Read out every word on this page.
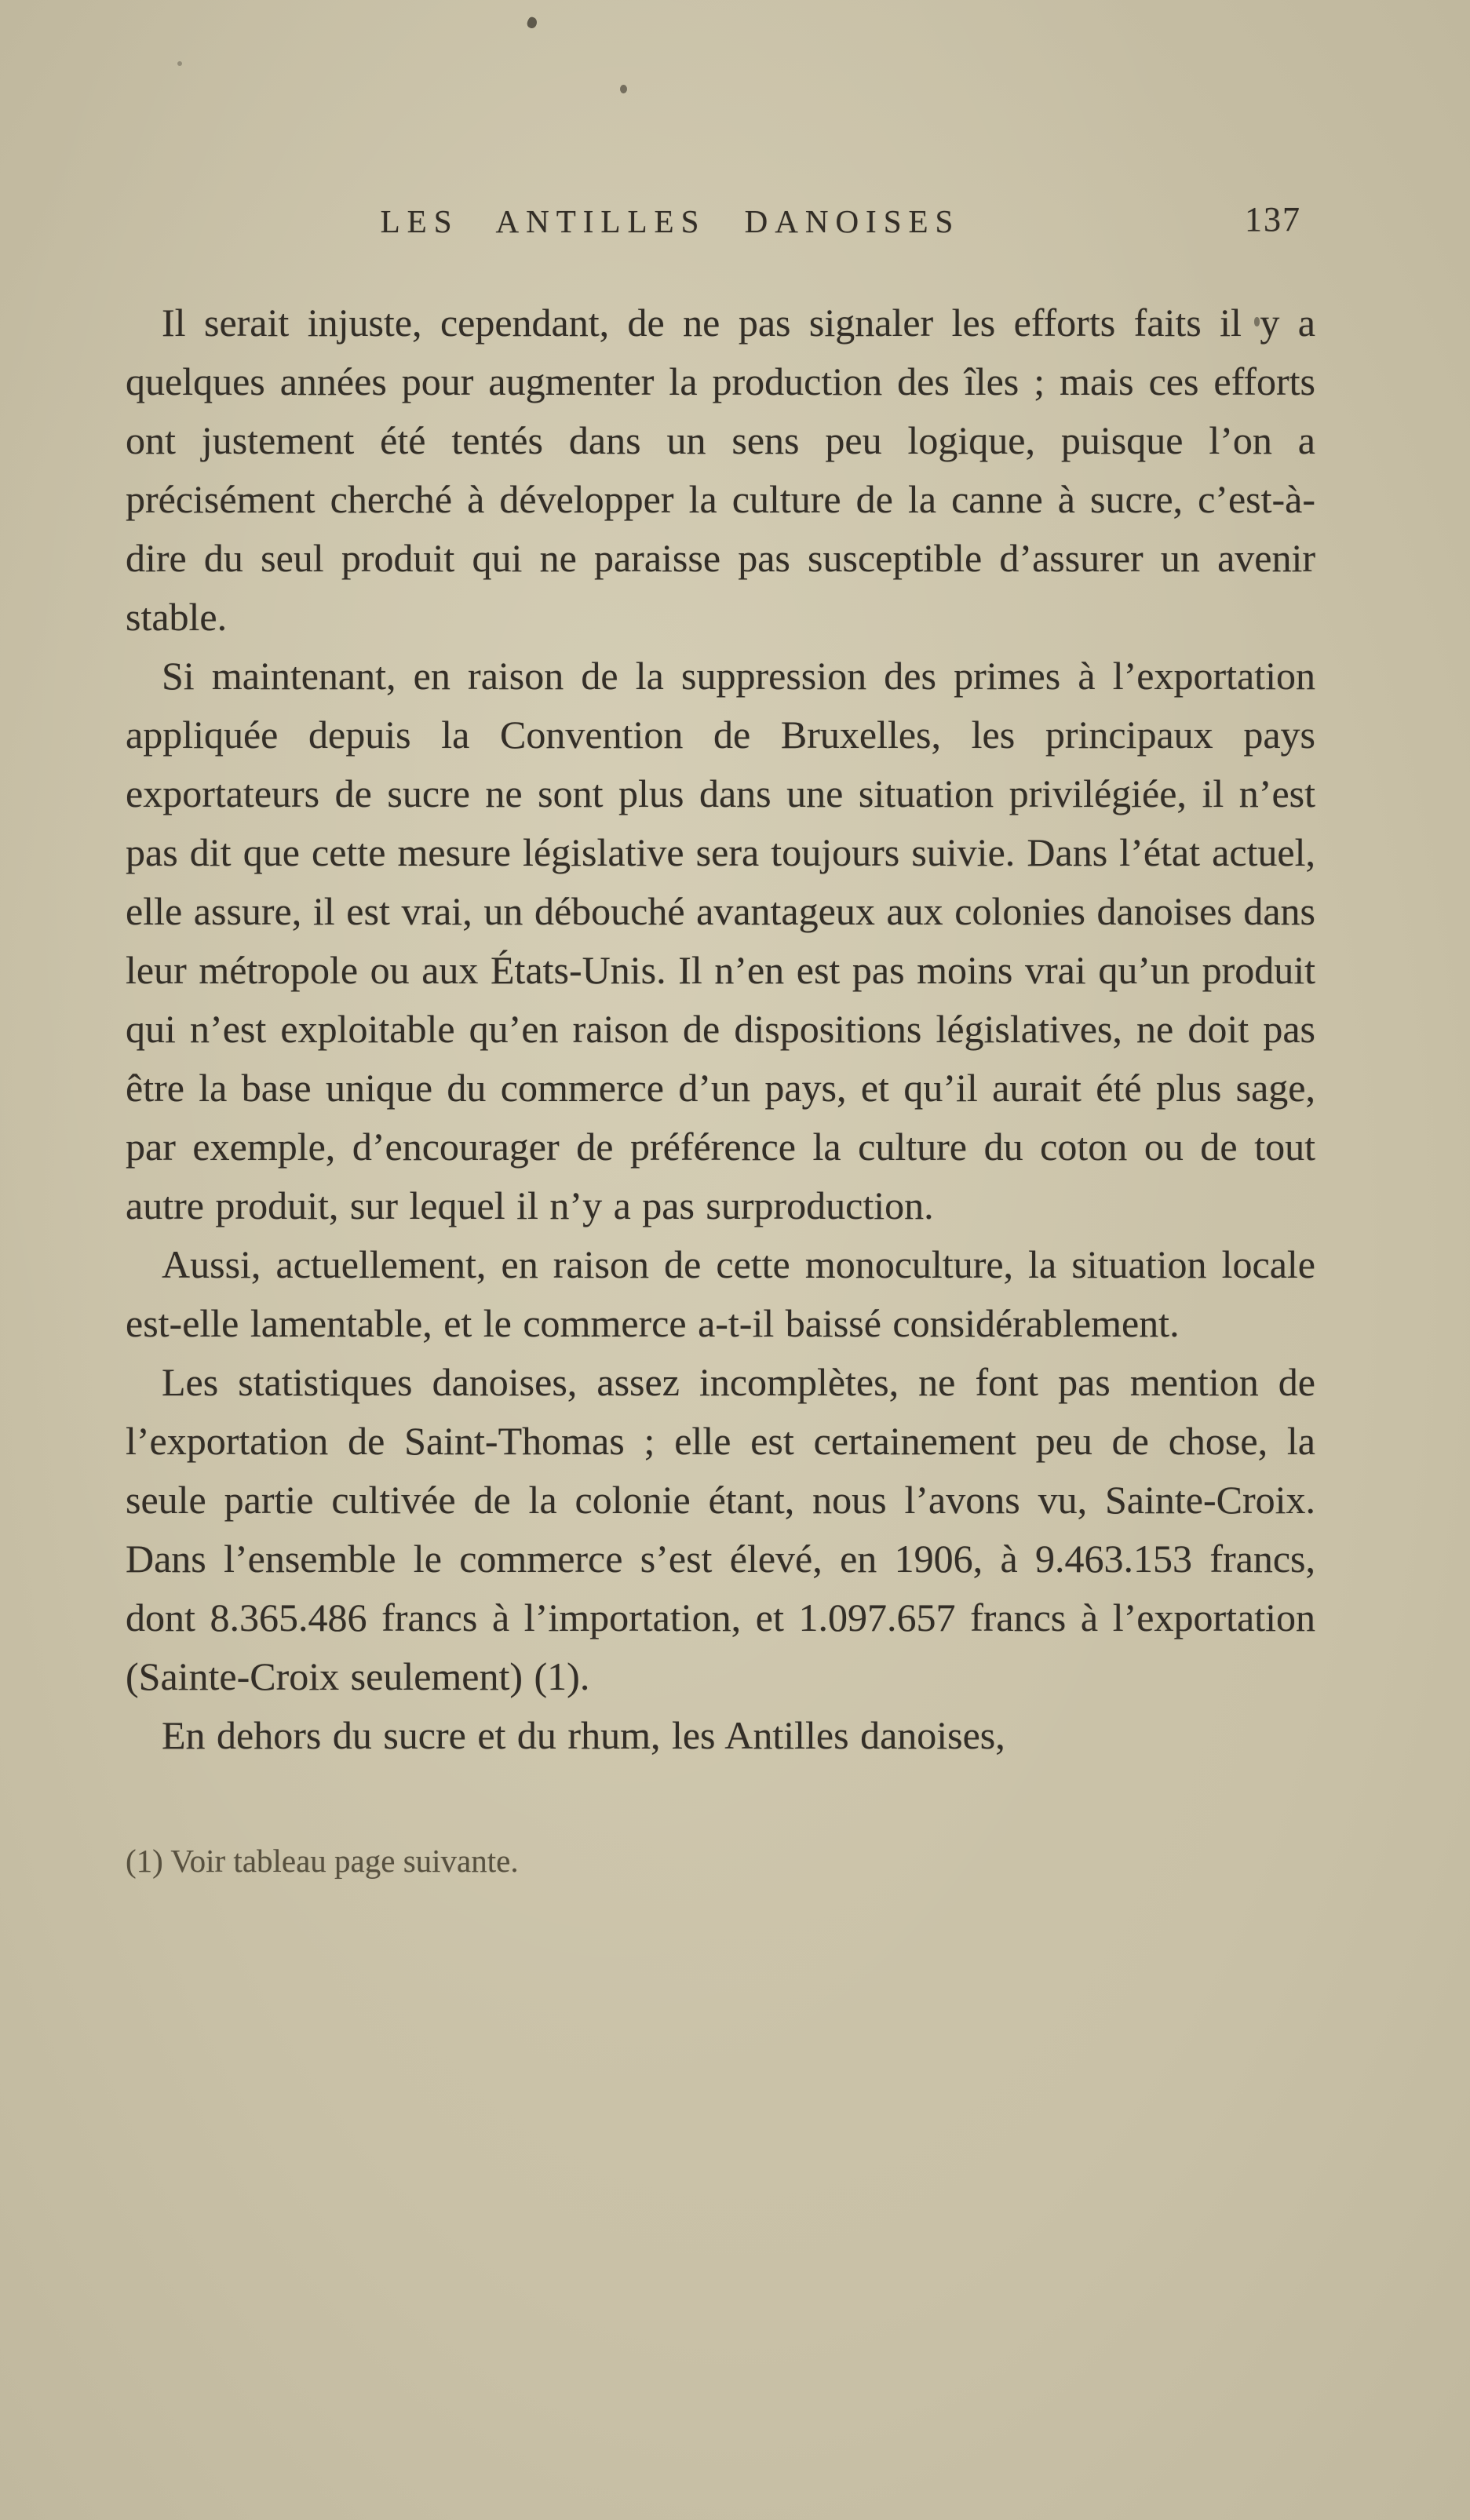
LES ANTILLES DANOISES	137

Il serait injuste, cependant, de ne pas signaler les efforts faits il y a quelques années pour augmenter la production des îles ; mais ces efforts ont justement été tentés dans un sens peu logique, puisque l’on a précisément cherché à développer la culture de la canne à sucre, c’est-à-dire du seul produit qui ne paraisse pas susceptible d’assurer un avenir stable.

Si maintenant, en raison de la suppression des primes à l’exportation appliquée depuis la Convention de Bruxelles, les principaux pays exportateurs de sucre ne sont plus dans une situation privilégiée, il n’est pas dit que cette mesure législative sera toujours suivie. Dans l’état actuel, elle assure, il est vrai, un débouché avantageux aux colonies danoises dans leur métropole ou aux États-Unis. Il n’en est pas moins vrai qu’un produit qui n’est exploitable qu’en raison de dispositions législatives, ne doit pas être la base unique du commerce d’un pays, et qu’il aurait été plus sage, par exemple, d’encourager de préférence la culture du coton ou de tout autre produit, sur lequel il n’y a pas surproduction.

Aussi, actuellement, en raison de cette monoculture, la situation locale est-elle lamentable, et le commerce a-t-il baissé considérablement.

Les statistiques danoises, assez incomplètes, ne font pas mention de l’exportation de Saint-Thomas ; elle est certainement peu de chose, la seule partie cultivée de la colonie étant, nous l’avons vu, Sainte-Croix. Dans l’ensemble le commerce s’est élevé, en 1906, à 9.463.153 francs, dont 8.365.486 francs à l’importation, et 1.097.657 francs à l’exportation (Sainte-Croix seulement) (1).

En dehors du sucre et du rhum, les Antilles danoises,

(1) Voir tableau page suivante.
